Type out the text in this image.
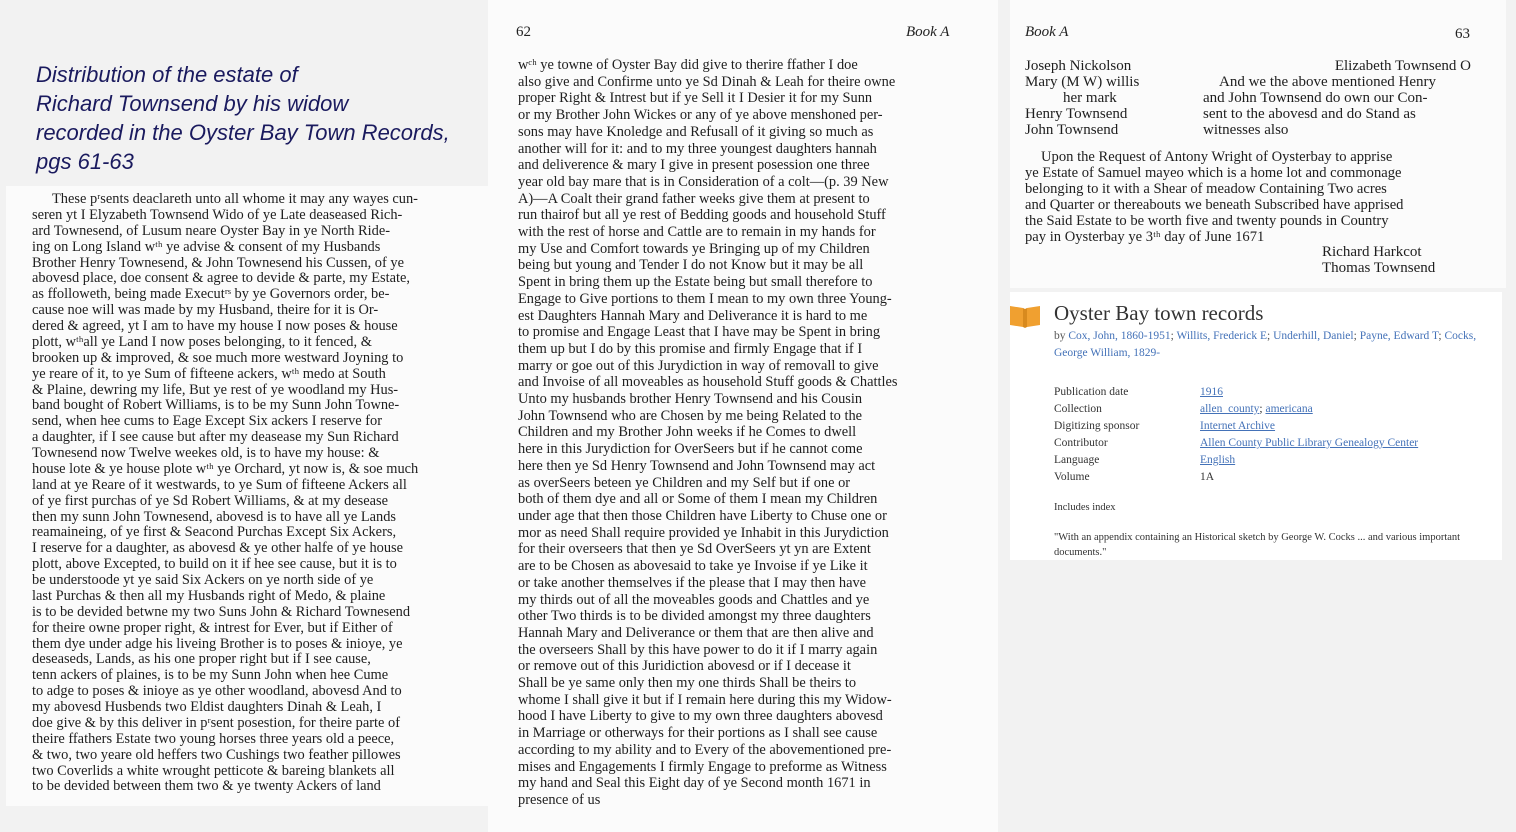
Distribution of the estate of
Richard Townsend by his widow
recorded in the Oyster Bay Town Records,
pgs 61-63
These pʳsents deaclareth unto all whome it may any wayes cun-
seren yt I Elyzabeth Townsend Wido of ye Late deaseased Rich-
ard Townesend, of Lusum neare Oyster Bay in ye North Ride-
ing on Long Island wᵗʰ ye advise & consent of my Husbands
Brother Henry Townesend, & John Townesend his Cussen, of ye
abovesd place, doe consent & agree to devide & parte, my Estate,
as ffolloweth, being made Executʳˢ by ye Governors order, be-
cause noe will was made by my Husband, theire for it is Or-
dered & agreed, yt I am to have my house I now poses & house
plott, wᵗʰall ye Land I now poses belonging, to it fenced, &
brooken up & improved, & soe much more westward Joyning to
ye reare of it, to ye Sum of fifteene ackers, wᵗʰ medo at South
& Plaine, dewring my life, But ye rest of ye woodland my Hus-
band bought of Robert Williams, is to be my Sunn John Towne-
send, when hee cums to Eage Except Six ackers I reserve for
a daughter, if I see cause but after my deasease my Sun Richard
Townesend now Twelve weekes old, is to have my house: &
house lote & ye house plote wᵗʰ ye Orchard, yt now is, & soe much
land at ye Reare of it westwards, to ye Sum of fifteene Ackers all
of ye first purchas of ye Sd Robert Williams, & at my desease
then my sunn John Townesend, abovesd is to have all ye Lands
reamaineing, of ye first & Seacond Purchas Except Six Ackers,
I reserve for a daughter, as abovesd & ye other halfe of ye house
plott, above Excepted, to build on it if hee see cause, but it is to
be understoode yt ye said Six Ackers on ye north side of ye
last Purchas & then all my Husbands right of Medo, & plaine
is to be devided betwne my two Suns John & Richard Townesend
for theire owne proper right, & intrest for Ever, but if Either of
them dye under adge his liveing Brother is to poses & inioye, ye
deseaseds, Lands, as his one proper right but if I see cause,
tenn ackers of plaines, is to be my Sunn John when hee Cume
to adge to poses & inioye as ye other woodland, abovesd And to
my abovesd Husbends two Eldist daughters Dinah & Leah, I
doe give & by this deliver in pʳsent posestion, for theire parte of
theire ffathers Estate two young horses three years old a peece,
& two, two yeare old heffers two Cushings two feather pillowes
two Coverlids a white wrought petticote & bareing blankets all
to be devided between them two & ye twenty Ackers of land
62	Book A
wᶜʰ ye towne of Oyster Bay did give to therire ffather I doe
also give and Confirme unto ye Sd Dinah & Leah for theire owne
proper Right & Intrest but if ye Sell it I Desier it for my Sunn
or my Brother John Wickes or any of ye above menshoned per-
sons may have Knoledge and Refusall of it giving so much as
another will for it: and to my three youngest daughters hannah
and deliverence & mary I give in present posession one three
year old bay mare that is in Consideration of a colt—(p. 39 New
A)—A Coalt their grand father weeks give them at present to
run thairof but all ye rest of Bedding goods and household Stuff
with the rest of horse and Cattle are to remain in my hands for
my Use and Comfort towards ye Bringing up of my Children
being but young and Tender I do not Know but it may be all
Spent in bring them up the Estate being but small therefore to
Engage to Give portions to them I mean to my own three Young-
est Daughters Hannah Mary and Deliverance it is hard to me
to promise and Engage Least that I have may be Spent in bring
them up but I do by this promise and firmly Engage that if I
marry or goe out of this Jurydiction in way of removall to give
and Invoise of all moveables as household Stuff goods & Chattles
Unto my husbands brother Henry Townsend and his Cousin
John Townsend who are Chosen by me being Related to the
Children and my Brother John weeks if he Comes to dwell
here in this Jurydiction for OverSeers but if he cannot come
here then ye Sd Henry Townsend and John Townsend may act
as overSeers beteen ye Children and my Self but if one or
both of them dye and all or Some of them I mean my Children
under age that then those Children have Liberty to Chuse one or
mor as need Shall require provided ye Inhabit in this Jurydiction
for their overseers that then ye Sd OverSeers yt yn are Extent
are to be Chosen as abovesaid to take ye Invoise if ye Like it
or take another themselves if the please that I may then have
my thirds out of all the moveables goods and Chattles and ye
other Two thirds is to be divided amongst my three daughters
Hannah Mary and Deliverance or them that are then alive and
the overseers Shall by this have power to do it if I marry again
or remove out of this Juridiction abovesd or if I decease it
Shall be ye same only then my one thirds Shall be theirs to
whome I shall give it but if I remain here during this my Widow-
hood I have Liberty to give to my own three daughters abovesd
in Marriage or otherways for their portions as I shall see cause
according to my ability and to Every of the abovementioned pre-
mises and Engagements I firmly Engage to preforme as Witness
my hand and Seal this Eight day of ye Second month 1671 in
presence of us
Book A	63
Joseph Nickolson
Mary (M W) willis
her mark
Henry Townsend
John Townsend
Elizabeth Townsend O
And we the above mentioned Henry
and John Townsend do own our Con-
sent to the abovesd and do Stand as
witnesses also
Upon the Request of Antony Wright of Oysterbay to apprise
ye Estate of Samuel mayeo which is a home lot and commonage
belonging to it with a Shear of meadow Containing Two acres
and Quarter or thereabouts we beneath Subscribed have apprised
the Said Estate to be worth five and twenty pounds in Country
pay in Oysterbay ye 3ᵗʰ day of June 1671
Richard Harkcot
Thomas Townsend
Oyster Bay town records
by Cox, John, 1860-1951; Willits, Frederick E; Underhill, Daniel; Payne, Edward T; Cocks, George William, 1829-
Publication date	1916
Collection	allen_county; americana
Digitizing sponsor	Internet Archive
Contributor	Allen County Public Library Genealogy Center
Language	English
Volume	1A
Includes index
"With an appendix containing an Historical sketch by George W. Cocks ... and various important documents."
